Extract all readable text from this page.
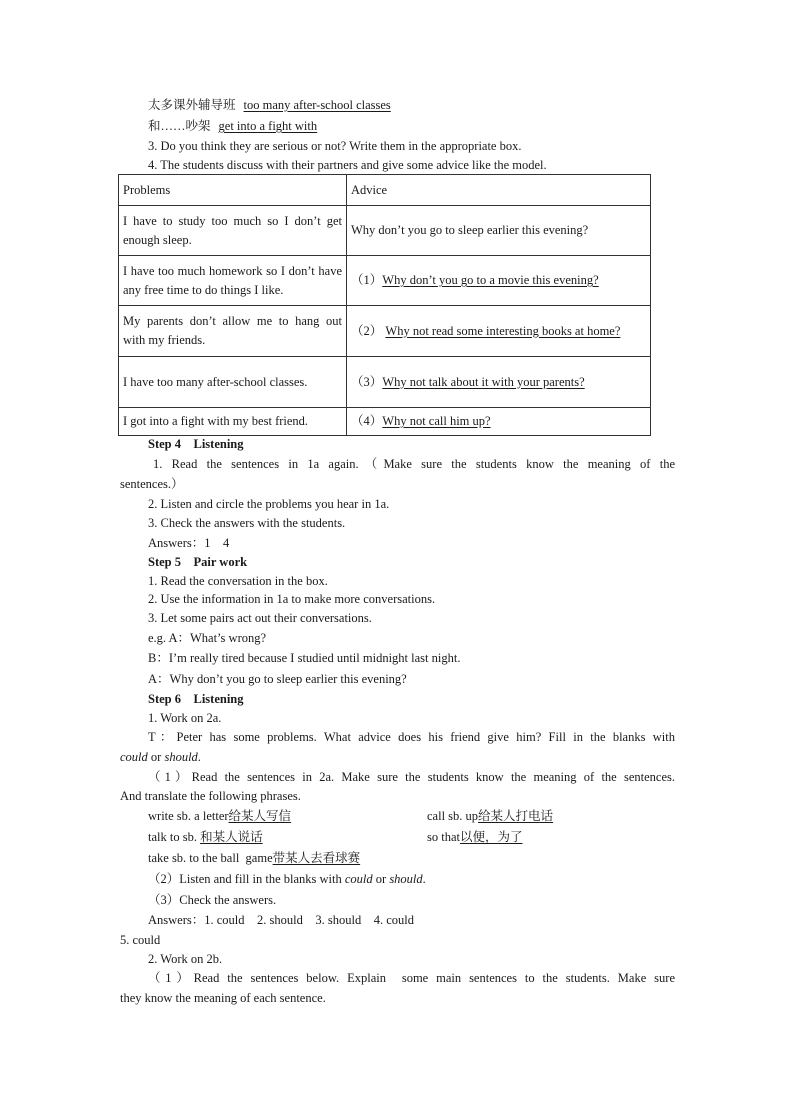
太多课外辅导班 too many after-school classes
和……吵架 get into a fight with
3. Do you think they are serious or not? Write them in the appropriate box.
4. The students discuss with their partners and give some advice like the model.
Problems	Advice
I have to study too much so I don’t get enough sleep.	Why don’t you go to sleep earlier this evening?
I have too much homework so I don’t have any free time to do things I like.	（1）Why don’t you go to a movie this evening?
My parents don’t allow me to hang out with my friends.	（2） Why not read some interesting books at home?
I have too many after-school classes.	（3）Why not talk about it with your parents?
I got into a fight with my best friend.	（4）Why not call him up?
Step 4    Listening
1. Read the sentences in 1a again.（Make sure the students know the meaning of the
sentences.）
2. Listen and circle the problems you hear in 1a.
3. Check the answers with the students.
Answers：1    4
Step 5    Pair work
1. Read the conversation in the box.
2. Use the information in 1a to make more conversations.
3. Let some pairs act out their conversations.
e.g. A：What’s wrong?
B：I’m really tired because I studied until midnight last night.
A：Why don’t you go to sleep earlier this evening?
Step 6    Listening
1. Work on 2a.
T：Peter has some problems. What advice does his friend give him? Fill in the blanks with
could or should.
（1）Read the sentences in 2a. Make sure the students know the meaning of the sentences.
And translate the following phrases.
write sb. a letter给某人写信	call sb. up给某人打电话
talk to sb. 和某人说话	so that以便，为了
take sb. to the ball  game带某人去看球赛
（2）Listen and fill in the blanks with could or should.
（3）Check the answers.
Answers：1. could    2. should    3. should    4. could
5. could
2. Work on 2b.
（1）Read the sentences below. Explain  some main sentences to the students. Make sure
they know the meaning of each sentence.
